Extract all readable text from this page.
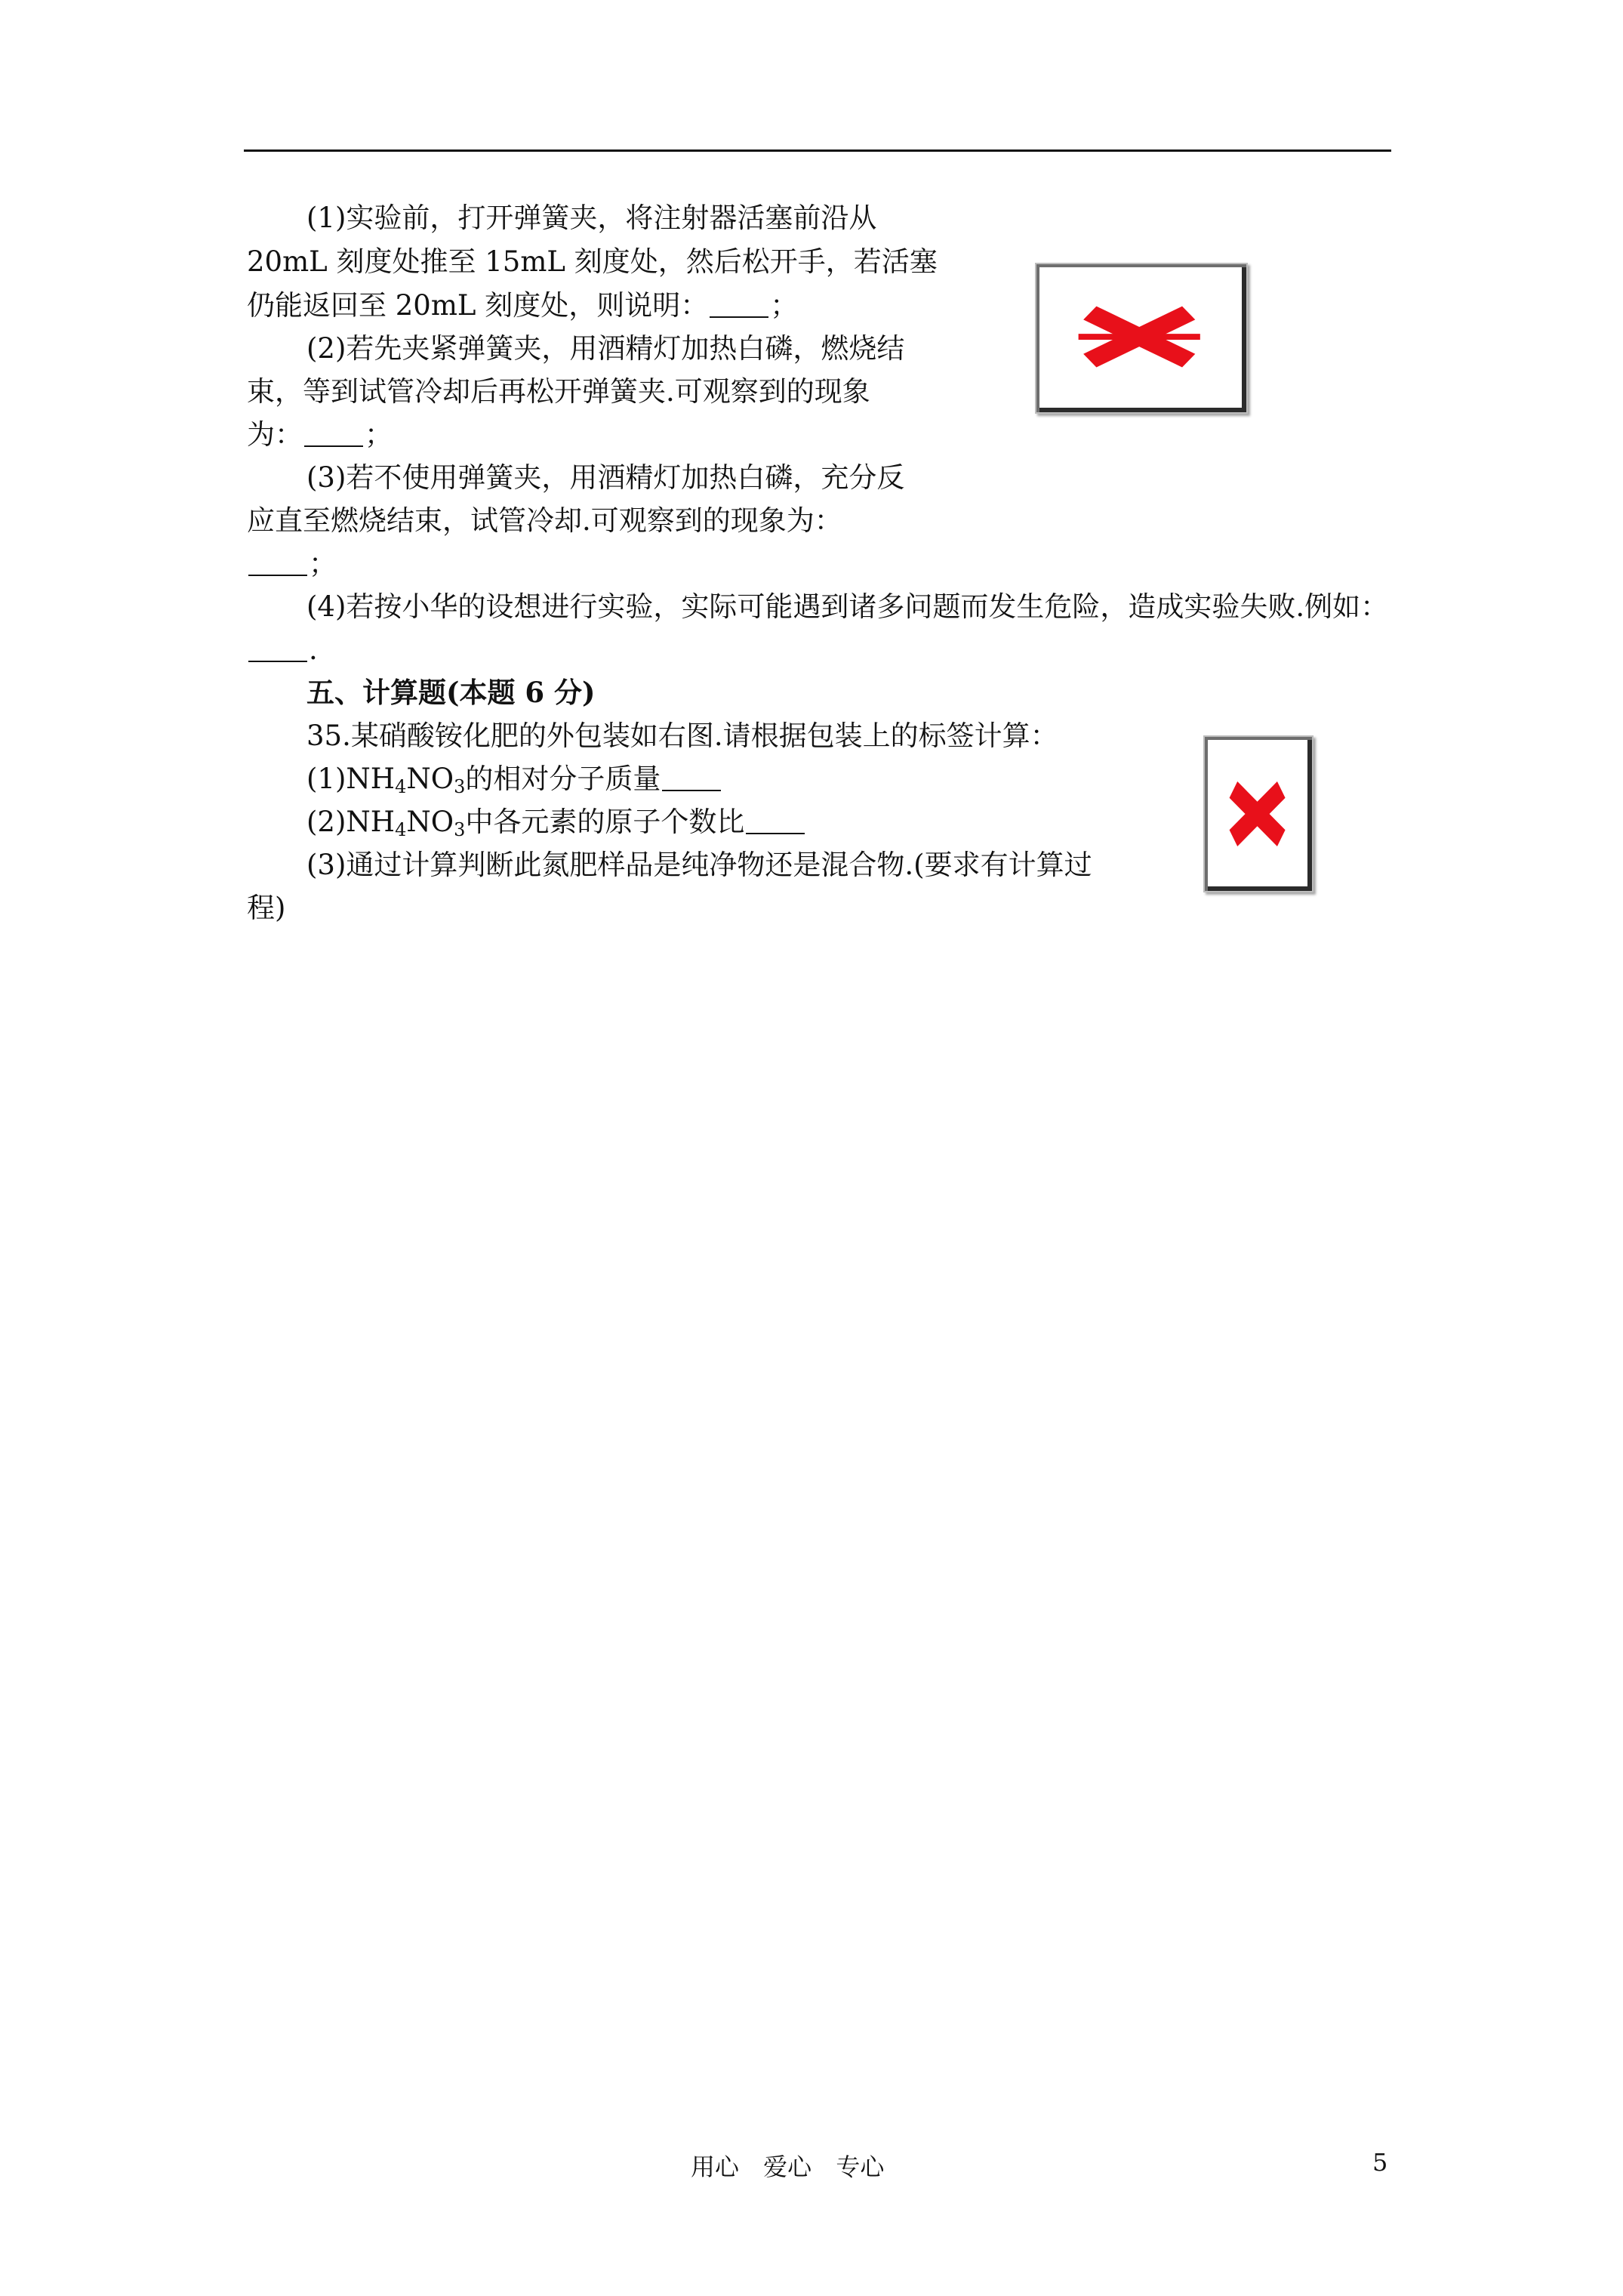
(1)实验前，打开弹簧夹，将注射器活塞前沿从
20mL 刻度处推至 15mL 刻度处，然后松开手，若活塞
仍能返回至 20mL 刻度处，则说明： ；
(2)若先夹紧弹簧夹，用酒精灯加热白磷，燃烧结
束，等到试管冷却后再松开弹簧夹.可观察到的现象
为： ；
(3)若不使用弹簧夹，用酒精灯加热白磷，充分反
应直至燃烧结束，试管冷却.可观察到的现象为：
；
(4)若按小华的设想进行实验，实际可能遇到诸多问题而发生危险，造成实验失败.例如：
.
五、计算题(本题 6 分)
35.某硝酸铵化肥的外包装如右图.请根据包装上的标签计算：
$(1)NH_4NO_3$的相对分子质量
$(2)NH_4NO_3$中各元素的原子个数比
(3)通过计算判断此氮肥样品是纯净物还是混合物.(要求有计算过
程)
用心 爱心 专心	5
